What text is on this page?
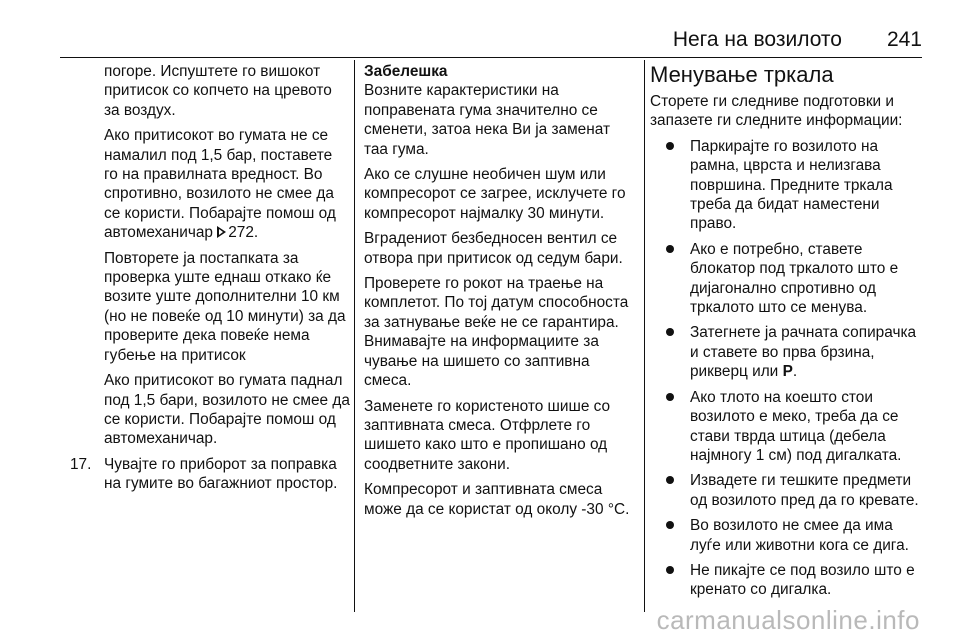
Нега на возилото 241

погоре. Испуштете го вишокот притисок со копчето на цревото за воздух.

Ако притисокот во гумата не се намалил под 1,5 бар, поставете го на правилната вредност. Во спротивно, возилото не смее да се користи. Побарајте помош од автомеханичар 272.

Повторете ја постапката за проверка уште еднаш откако ќе возите уште дополнителни 10 км (но не повеќе од 10 минути) за да проверите дека повеќе нема губење на притисок

Ако притисокот во гумата паднал под 1,5 бари, возилото не смее да се користи. Побарајте помош од автомеханичар.

17. Чувајте го приборот за поправка на гумите во багажниот простор.

Забелешка

Возните карактеристики на поправената гума значително се сменети, затоа нека Ви ја заменат таа гума.

Ако се слушне необичен шум или компресорот се загрее, исклучете го компресорот најмалку 30 минути.

Вградениот безбедносен вентил се отвора при притисок од седум бари.

Проверете го рокот на траење на комплетот. По тој датум способноста за затнување веќе не се гарантира. Внимавајте на информациите за чување на шишето со заптивна смеса.

Заменете го користеното шише со заптивната смеса. Отфрлете го шишето како што е пропишано од соодветните закони.

Компресорот и заптивната смеса може да се користат од околу -30 °C.

Менување тркала

Сторете ги следниве подготовки и запазете ги следните информации:

Паркирајте го возилото на рамна, цврста и нелизгава површина. Предните тркала треба да бидат наместени право.
Ако е потребно, ставете блокатор под тркалото што е дијагонално спротивно од тркалото што се менува.
Затегнете ја рачната сопирачка и ставете во прва брзина, рикверц или P.
Ако тлото на коешто стои возилото е меко, треба да се стави тврда штица (дебела најмногу 1 см) под дигалката.
Извадете ги тешките предмети од возилото пред да го кревате.
Во возилото не смее да има луѓе или животни кога се дига.
Не пикајте се под возило што е кренато со дигалка.
carmanualsonline.info
